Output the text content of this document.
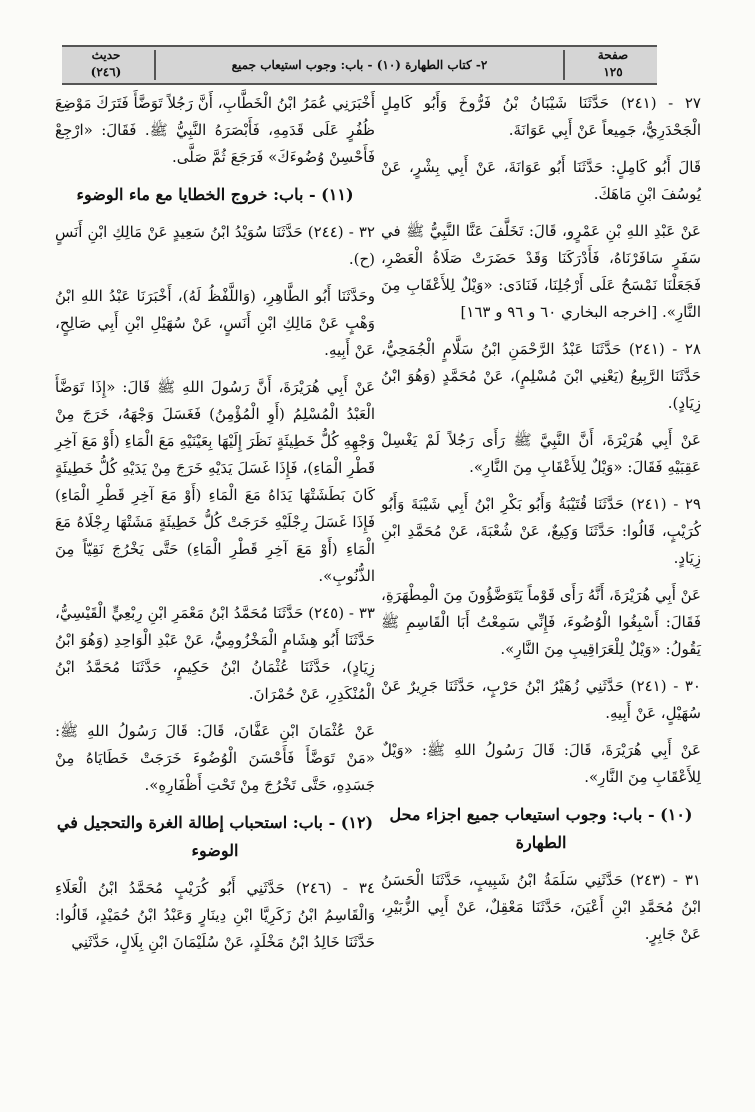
حديث
(٢٤٦)	٢- كتاب الطهارة (١٠) - باب: وجوب استيعاب جميع
صفحة
١٢٥

٢٧ - (٢٤١) حَدَّثَنَا شَيْبَانُ بْنُ فَرُّوخَ وَأَبُو كَامِلٍ الْجَحْدَرِيُّ، جَمِيعاً عَنْ أَبِي عَوَانَةَ.

قَالَ أَبُو كَامِلٍ: حَدَّثَنَا أَبُو عَوَانَةَ، عَنْ أَبِي بِشْرٍ، عَنْ يُوسُفَ ابْنِ مَاهَكَ.

عَنْ عَبْدِ اللهِ بْنِ عَمْرٍو، قَالَ: تَخَلَّفَ عَنَّا النَّبِيُّ ﷺ في سَفَرٍ سَافَرْنَاهُ، فَأَدْرَكَنَا وَقَدْ حَضَرَتْ صَلَاةُ الْعَصْرِ، فَجَعَلْنَا نَمْسَحُ عَلَى أَرْجُلِنَا، فَنَادَى: «وَيْلٌ لِلأَعْقَابِ مِنَ النَّارِ». [اخرجه البخاري ٦٠ و ٩٦ و ١٦٣]

٢٨ - (٢٤١) حَدَّثَنَا عَبْدُ الرَّحْمَنِ ابْنُ سَلَّامٍ الْجُمَحِيُّ، حَدَّثَنَا الرَّبِيعُ (يَعْنِي ابْنَ مُسْلِمٍ)، عَنْ مُحَمَّدٍ (وَهُوَ ابْنُ زِيَادٍ).

عَنْ أَبِي هُرَيْرَةَ، أَنَّ النَّبِيَّ ﷺ رَأَى رَجُلاً لَمْ يَغْسِلْ عَقِبَيْهِ فَقَالَ: «وَيْلٌ لِلأَعْقَابِ مِنَ النَّارِ».

٢٩ - (٢٤١) حَدَّثَنَا قُتَيْبَةُ وَأَبُو بَكْرِ ابْنُ أَبِي شَيْبَةَ وَأَبُو كُرَيْبٍ، قَالُوا: حَدَّثَنَا وَكِيعٌ، عَنْ شُعْبَةَ، عَنْ مُحَمَّدِ ابْنِ زِيَادٍ.

عَنْ أَبِي هُرَيْرَةَ، أَنَّهُ رَأَى قَوْماً يَتَوَضَّؤُونَ مِنَ الْمِطْهَرَةِ، فَقَالَ: أَسْبِغُوا الْوُضُوءَ، فَإِنِّي سَمِعْتُ أَبَا الْقَاسِمِ ﷺ يَقُولُ: «وَيْلٌ لِلْعَرَاقِيبِ مِنَ النَّارِ».

٣٠ - (٢٤١) حَدَّثَنِي زُهَيْرُ ابْنُ حَرْبٍ، حَدَّثَنَا جَرِيرٌ عَنْ سُهَيْلٍ، عَنْ أَبِيهِ.

عَنْ أَبِي هُرَيْرَةَ، قَالَ: قَالَ رَسُولُ اللهِ ﷺ: «وَيْلٌ لِلأَعْقَابِ مِنَ النَّارِ».

(١٠) - باب: وجوب استيعاب جميع اجزاء محل الطهارة

٣١ - (٢٤٣) حَدَّثَنِي سَلَمَةُ ابْنُ شَبِيبٍ، حَدَّثَنَا الْحَسَنُ ابْنُ مُحَمَّدِ ابْنِ أَعْيَنَ، حَدَّثَنَا مَعْقِلٌ، عَنْ أَبِي الزُّبَيْرِ، عَنْ جَابِرٍ.

أَخْبَرَنِي عُمَرُ ابْنُ الْخَطَّابِ، أَنَّ رَجُلاً تَوَضَّأَ فَتَرَكَ مَوْضِعَ ظُفُرٍ عَلَى قَدَمِهِ، فَأَبْصَرَهُ النَّبِيُّ ﷺ. فَقَالَ: «ارْجِعْ فَأَحْسِنْ وُضُوءَكَ» فَرَجَعَ ثُمَّ صَلَّى.

(١١) - باب: خروج الخطايا مع ماء الوضوء

٣٢ - (٢٤٤) حَدَّثَنَا سُوَيْدُ ابْنُ سَعِيدٍ عَنْ مَالِكِ ابْنِ أَنَسٍ (ح).

وحَدَّثَنَا أَبُو الطَّاهِرِ، (وَاللَّفْظُ لَهُ)، أَخْبَرَنَا عَبْدُ اللهِ ابْنُ وَهْبٍ عَنْ مَالِكِ ابْنِ أَنَسٍ، عَنْ سُهَيْلِ ابْنِ أَبِي صَالِحٍ، عَنْ أَبِيهِ.

عَنْ أَبِي هُرَيْرَةَ، أَنَّ رَسُولَ اللهِ ﷺ قَالَ: «إِذَا تَوَضَّأَ الْعَبْدُ الْمُسْلِمُ (أَوِ الْمُؤْمِنُ) فَغَسَلَ وَجْهَهُ، خَرَجَ مِنْ وَجْهِهِ كُلُّ خَطِيئَةٍ نَظَرَ إِلَيْهَا بِعَيْنَيْهِ مَعَ الْمَاءِ (أَوْ مَعَ آخِرِ قَطْرِ الْمَاءِ)، فَإِذَا غَسَلَ يَدَيْهِ خَرَجَ مِنْ يَدَيْهِ كُلُّ خَطِيئَةٍ كَانَ بَطَشَتْهَا يَدَاهُ مَعَ الْمَاءِ (أَوْ مَعَ آخِرِ قَطْرِ الْمَاءِ) فَإِذَا غَسَلَ رِجْلَيْهِ خَرَجَتْ كُلُّ خَطِيئَةٍ مَشَتْهَا رِجْلَاهُ مَعَ الْمَاءِ (أَوْ مَعَ آخِرِ قَطْرِ الْمَاءِ) حَتَّى يَخْرُجَ نَقِيّاً مِنَ الذُّنُوبِ».

٣٣ - (٢٤٥) حَدَّثَنَا مُحَمَّدُ ابْنُ مَعْمَرِ ابْنِ رِبْعِيٍّ الْقَيْسِيُّ، حَدَّثَنَا أَبُو هِشَامٍ الْمَخْزُومِيُّ، عَنْ عَبْدِ الْوَاحِدِ (وَهُوَ ابْنُ زِيَادٍ)، حَدَّثَنَا عُثْمَانُ ابْنُ حَكِيمٍ، حَدَّثَنَا مُحَمَّدُ ابْنُ الْمُنْكَدِرِ، عَنْ حُمْرَانَ.

عَنْ عُثْمَانَ ابْنِ عَفَّانَ، قَالَ: قَالَ رَسُولُ اللهِ ﷺ: «مَنْ تَوَضَّأَ فَأَحْسَنَ الْوُضُوءَ خَرَجَتْ خَطَايَاهُ مِنْ جَسَدِهِ، حَتَّى تَخْرُجَ مِنْ تَحْتِ أَظْفَارِهِ».

(١٢) - باب: استحباب إطالة الغرة والتحجيل في الوضوء

٣٤ - (٢٤٦) حَدَّثَنِي أَبُو كُرَيْبٍ مُحَمَّدُ ابْنُ الْعَلَاءِ وَالْقَاسِمُ ابْنُ زَكَرِيَّا ابْنِ دِينَارٍ وَعَبْدُ ابْنُ حُمَيْدٍ، قَالُوا: حَدَّثَنَا خَالِدُ ابْنُ مَخْلَدٍ، عَنْ سُلَيْمَانَ ابْنِ بِلَالٍ، حَدَّثَنِي
